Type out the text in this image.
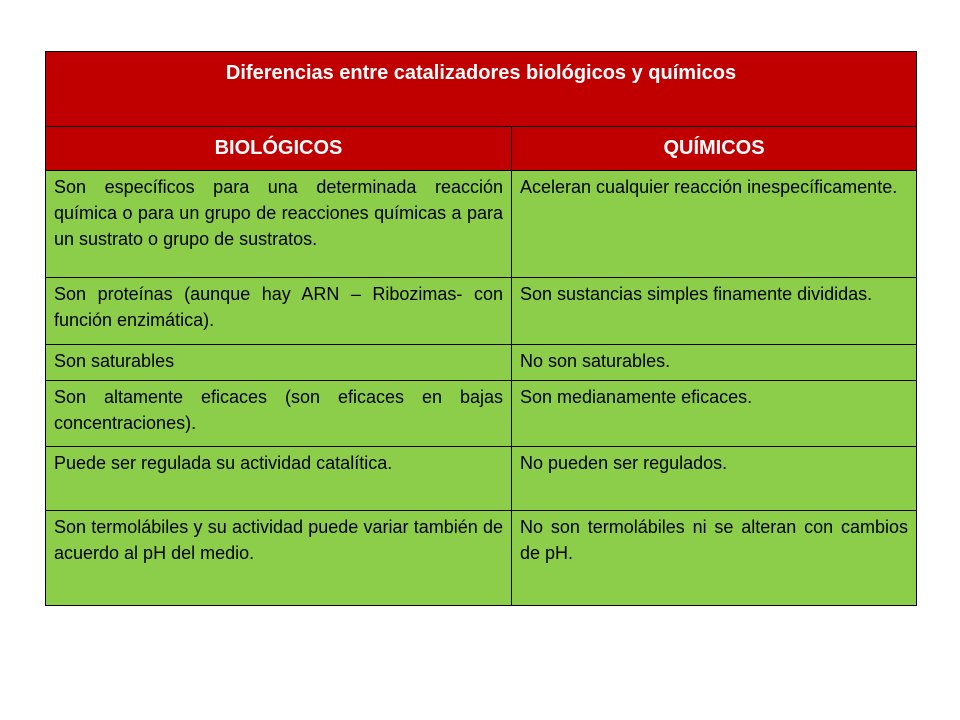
Diferencias entre catalizadores biológicos y químicos	
BIOLÓGICOS	QUÍMICOS
Son específicos para una determinada reacción química o para un grupo de reacciones químicas a para un sustrato o grupo de sustratos.	Aceleran cualquier reacción inespecíficamente.
Son proteínas (aunque hay ARN – Ribozimas- con función enzimática).	Son sustancias simples finamente divididas.
Son saturables	No son saturables.
Son altamente eficaces (son eficaces en bajas concentraciones).	Son medianamente eficaces.
Puede ser regulada su actividad catalítica.	No pueden ser regulados.
Son termolábiles y su actividad puede variar también de acuerdo al pH del medio.	No son termolábiles ni se alteran con cambios de pH.
